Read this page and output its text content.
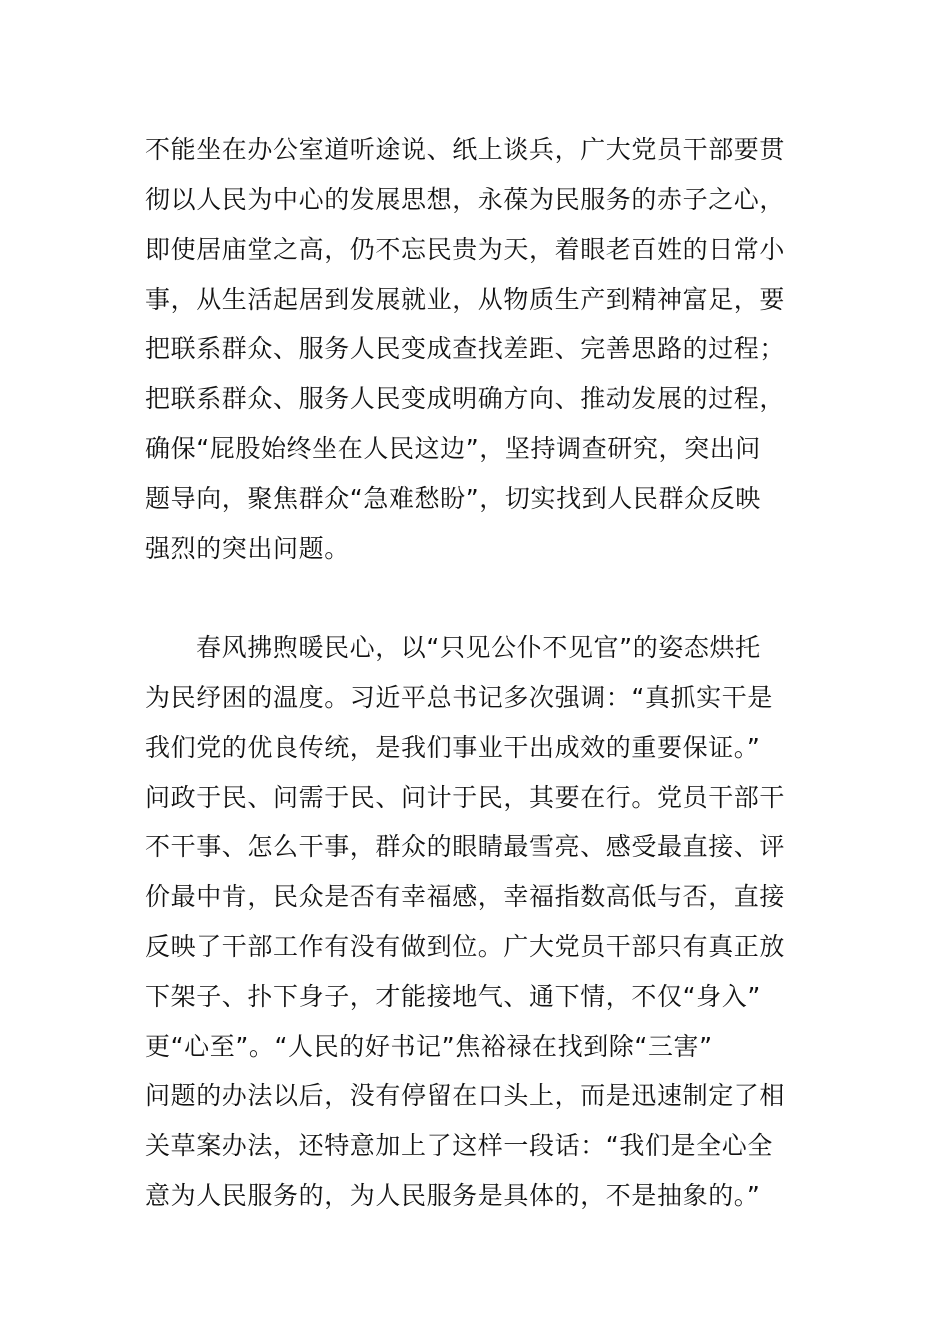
不能坐在办公室道听途说、纸上谈兵，广大党员干部要贯
彻以人民为中心的发展思想，永葆为民服务的赤子之心，
即使居庙堂之高，仍不忘民贵为天，着眼老百姓的日常小
事，从生活起居到发展就业，从物质生产到精神富足，要
把联系群众、服务人民变成查找差距、完善思路的过程；
把联系群众、服务人民变成明确方向、推动发展的过程，
确保“屁股始终坐在人民这边”，坚持调查研究，突出问
题导向，聚焦群众“急难愁盼”，切实找到人民群众反映
强烈的突出问题。
春风拂煦暖民心，以“只见公仆不见官”的姿态烘托
为民纾困的温度。习近平总书记多次强调：“真抓实干是
我们党的优良传统，是我们事业干出成效的重要保证。”
问政于民、问需于民、问计于民，其要在行。党员干部干
不干事、怎么干事，群众的眼睛最雪亮、感受最直接、评
价最中肯，民众是否有幸福感，幸福指数高低与否，直接
反映了干部工作有没有做到位。广大党员干部只有真正放
下架子、扑下身子，才能接地气、通下情，不仅“身入”
更“心至”。“人民的好书记”焦裕禄在找到除“三害”
问题的办法以后，没有停留在口头上，而是迅速制定了相
关草案办法，还特意加上了这样一段话：“我们是全心全
意为人民服务的，为人民服务是具体的，不是抽象的。”
